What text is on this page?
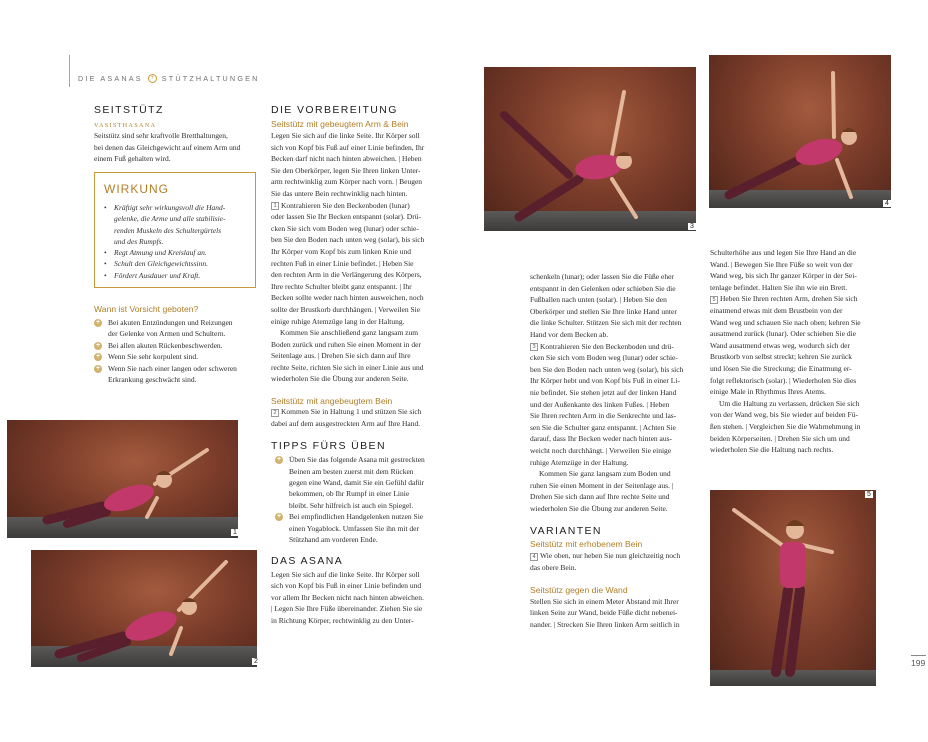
DIE ASANAS	+	STÜTZHALTUNGEN
SEITSTÜTZ
VASISTHASANA
Seitstütz sind sehr kraftvolle Bretthaltungen,
bei denen das Gleichgewicht auf einem Arm und
einem Fuß gehalten wird.
WIRKUNG
• Kräftigt sehr wirkungsvoll die Hand-
gelenke, die Arme und alle stabilisie-
renden Muskeln des Schultergürtels
und des Rumpfs.
• Regt Atmung und Kreislauf an.
• Schult den Gleichgewichtssinn.
• Fördert Ausdauer und Kraft.
Wann ist Vorsicht geboten?
+ Bei akuten Entzündungen und Reizungen
der Gelenke von Armen und Schultern.
+ Bei allen akuten Rückenbeschwerden.
+ Wenn Sie sehr korpulent sind.
+ Wenn Sie nach einer langen oder schweren
Erkrankung geschwächt sind.
1
2
DIE VORBEREITUNG
Seitstütz mit gebeugtem Arm & Bein
Legen Sie sich auf die linke Seite. Ihr Körper soll
sich von Kopf bis Fuß auf einer Linie befinden, Ihr
Becken darf nicht nach hinten abweichen. | Heben
Sie den Oberkörper, legen Sie Ihren linken Unter-
arm rechtwinklig zum Körper nach vorn. | Beugen
Sie das untere Bein rechtwinklig nach hinten.
1 Kontrahieren Sie den Beckenboden (lunar)
oder lassen Sie Ihr Becken entspannt (solar). Drü-
cken Sie sich vom Boden weg (lunar) oder schie-
ben Sie den Boden nach unten weg (solar), bis sich
Ihr Körper vom Kopf bis zum linken Knie und
rechten Fuß in einer Linie befindet. | Heben Sie
den rechten Arm in die Verlängerung des Körpers,
Ihre rechte Schulter bleibt ganz entspannt. | Ihr
Becken sollte weder nach hinten ausweichen, noch
sollte der Brustkorb durchhängen. | Verweilen Sie
einige ruhige Atemzüge lang in der Haltung.
Kommen Sie anschließend ganz langsam zum
Boden zurück und ruhen Sie einen Moment in der
Seitenlage aus. | Drehen Sie sich dann auf Ihre
rechte Seite, richten Sie sich in einer Linie aus und
wiederholen Sie die Übung zur anderen Seite.
Seitstütz mit angebeugtem Bein
2 Kommen Sie in Haltung 1 und stützen Sie sich
dabei auf dem ausgestreckten Arm auf Ihre Hand.
TIPPS FÜRS ÜBEN
+ Üben Sie das folgende Asana mit gestreckten
Beinen am besten zuerst mit dem Rücken
gegen eine Wand, damit Sie ein Gefühl dafür
bekommen, ob Ihr Rumpf in einer Linie
bleibt. Sehr hilfreich ist auch ein Spiegel.
+ Bei empfindlichen Handgelenken nutzen Sie
einen Yogablock. Umfassen Sie ihn mit der
Stützhand am vorderen Ende.
DAS ASANA
Legen Sie sich auf die linke Seite. Ihr Körper soll
sich von Kopf bis Fuß in einer Linie befinden und
vor allem Ihr Becken nicht nach hinten abweichen.
| Legen Sie Ihre Füße übereinander. Ziehen Sie sie
in Richtung Körper, rechtwinklig zu den Unter-
3
schenkeln (lunar); oder lassen Sie die Füße eher
entspannt in den Gelenken oder schieben Sie die
Fußballen nach unten (solar). | Heben Sie den
Oberkörper und stellen Sie Ihre linke Hand unter
die linke Schulter. Stützen Sie sich mit der rechten
Hand vor dem Becken ab.
3 Kontrahieren Sie den Beckenboden und drü-
cken Sie sich vom Boden weg (lunar) oder schie-
ben Sie den Boden nach unten weg (solar), bis sich
Ihr Körper hebt und von Kopf bis Fuß in einer Li-
nie befindet. Sie stehen jetzt auf der linken Hand
und der Außenkante des linken Fußes. | Heben
Sie Ihren rechten Arm in die Senkrechte und las-
sen Sie die Schulter ganz entspannt. | Achten Sie
darauf, dass Ihr Becken weder nach hinten aus-
weicht noch durchhängt. | Verweilen Sie einige
ruhige Atemzüge in der Haltung.
Kommen Sie ganz langsam zum Boden und
ruhen Sie einen Moment in der Seitenlage aus. |
Drehen Sie sich dann auf Ihre rechte Seite und
wiederholen Sie die Übung zur anderen Seite.
VARIANTEN
Seitstütz mit erhobenem Bein
4 Wie oben, nur heben Sie nun gleichzeitig noch
das obere Bein.
Seitstütz gegen die Wand
Stellen Sie sich in einem Meter Abstand mit Ihrer
linken Seite zur Wand, beide Füße dicht nebenei-
nander. | Strecken Sie Ihren linken Arm seitlich in
4
Schulterhöhe aus und legen Sie Ihre Hand an die
Wand. | Bewegen Sie Ihre Füße so weit von der
Wand weg, bis sich Ihr ganzer Körper in der Sei-
tenlage befindet. Halten Sie ihn wie ein Brett.
5 Heben Sie Ihren rechten Arm, drehen Sie sich
einatmend etwas mit dem Brustbein von der
Wand weg und schauen Sie nach oben; kehren Sie
ausatmend zurück (lunar). Oder schieben Sie die
Wand ausatmend etwas weg, wodurch sich der
Brustkorb von selbst streckt; kehren Sie zurück
und lösen Sie die Streckung; die Einatmung er-
folgt reflektorisch (solar). | Wiederholen Sie dies
einige Male in Rhythmus Ihres Atems.
Um die Haltung zu verlassen, drücken Sie sich
von der Wand weg, bis Sie wieder auf beiden Fü-
ßen stehen. | Vergleichen Sie die Wahrnehmung in
beiden Körperseiten. | Drehen Sie sich um und
wiederholen Sie die Haltung nach rechts.
5
199
